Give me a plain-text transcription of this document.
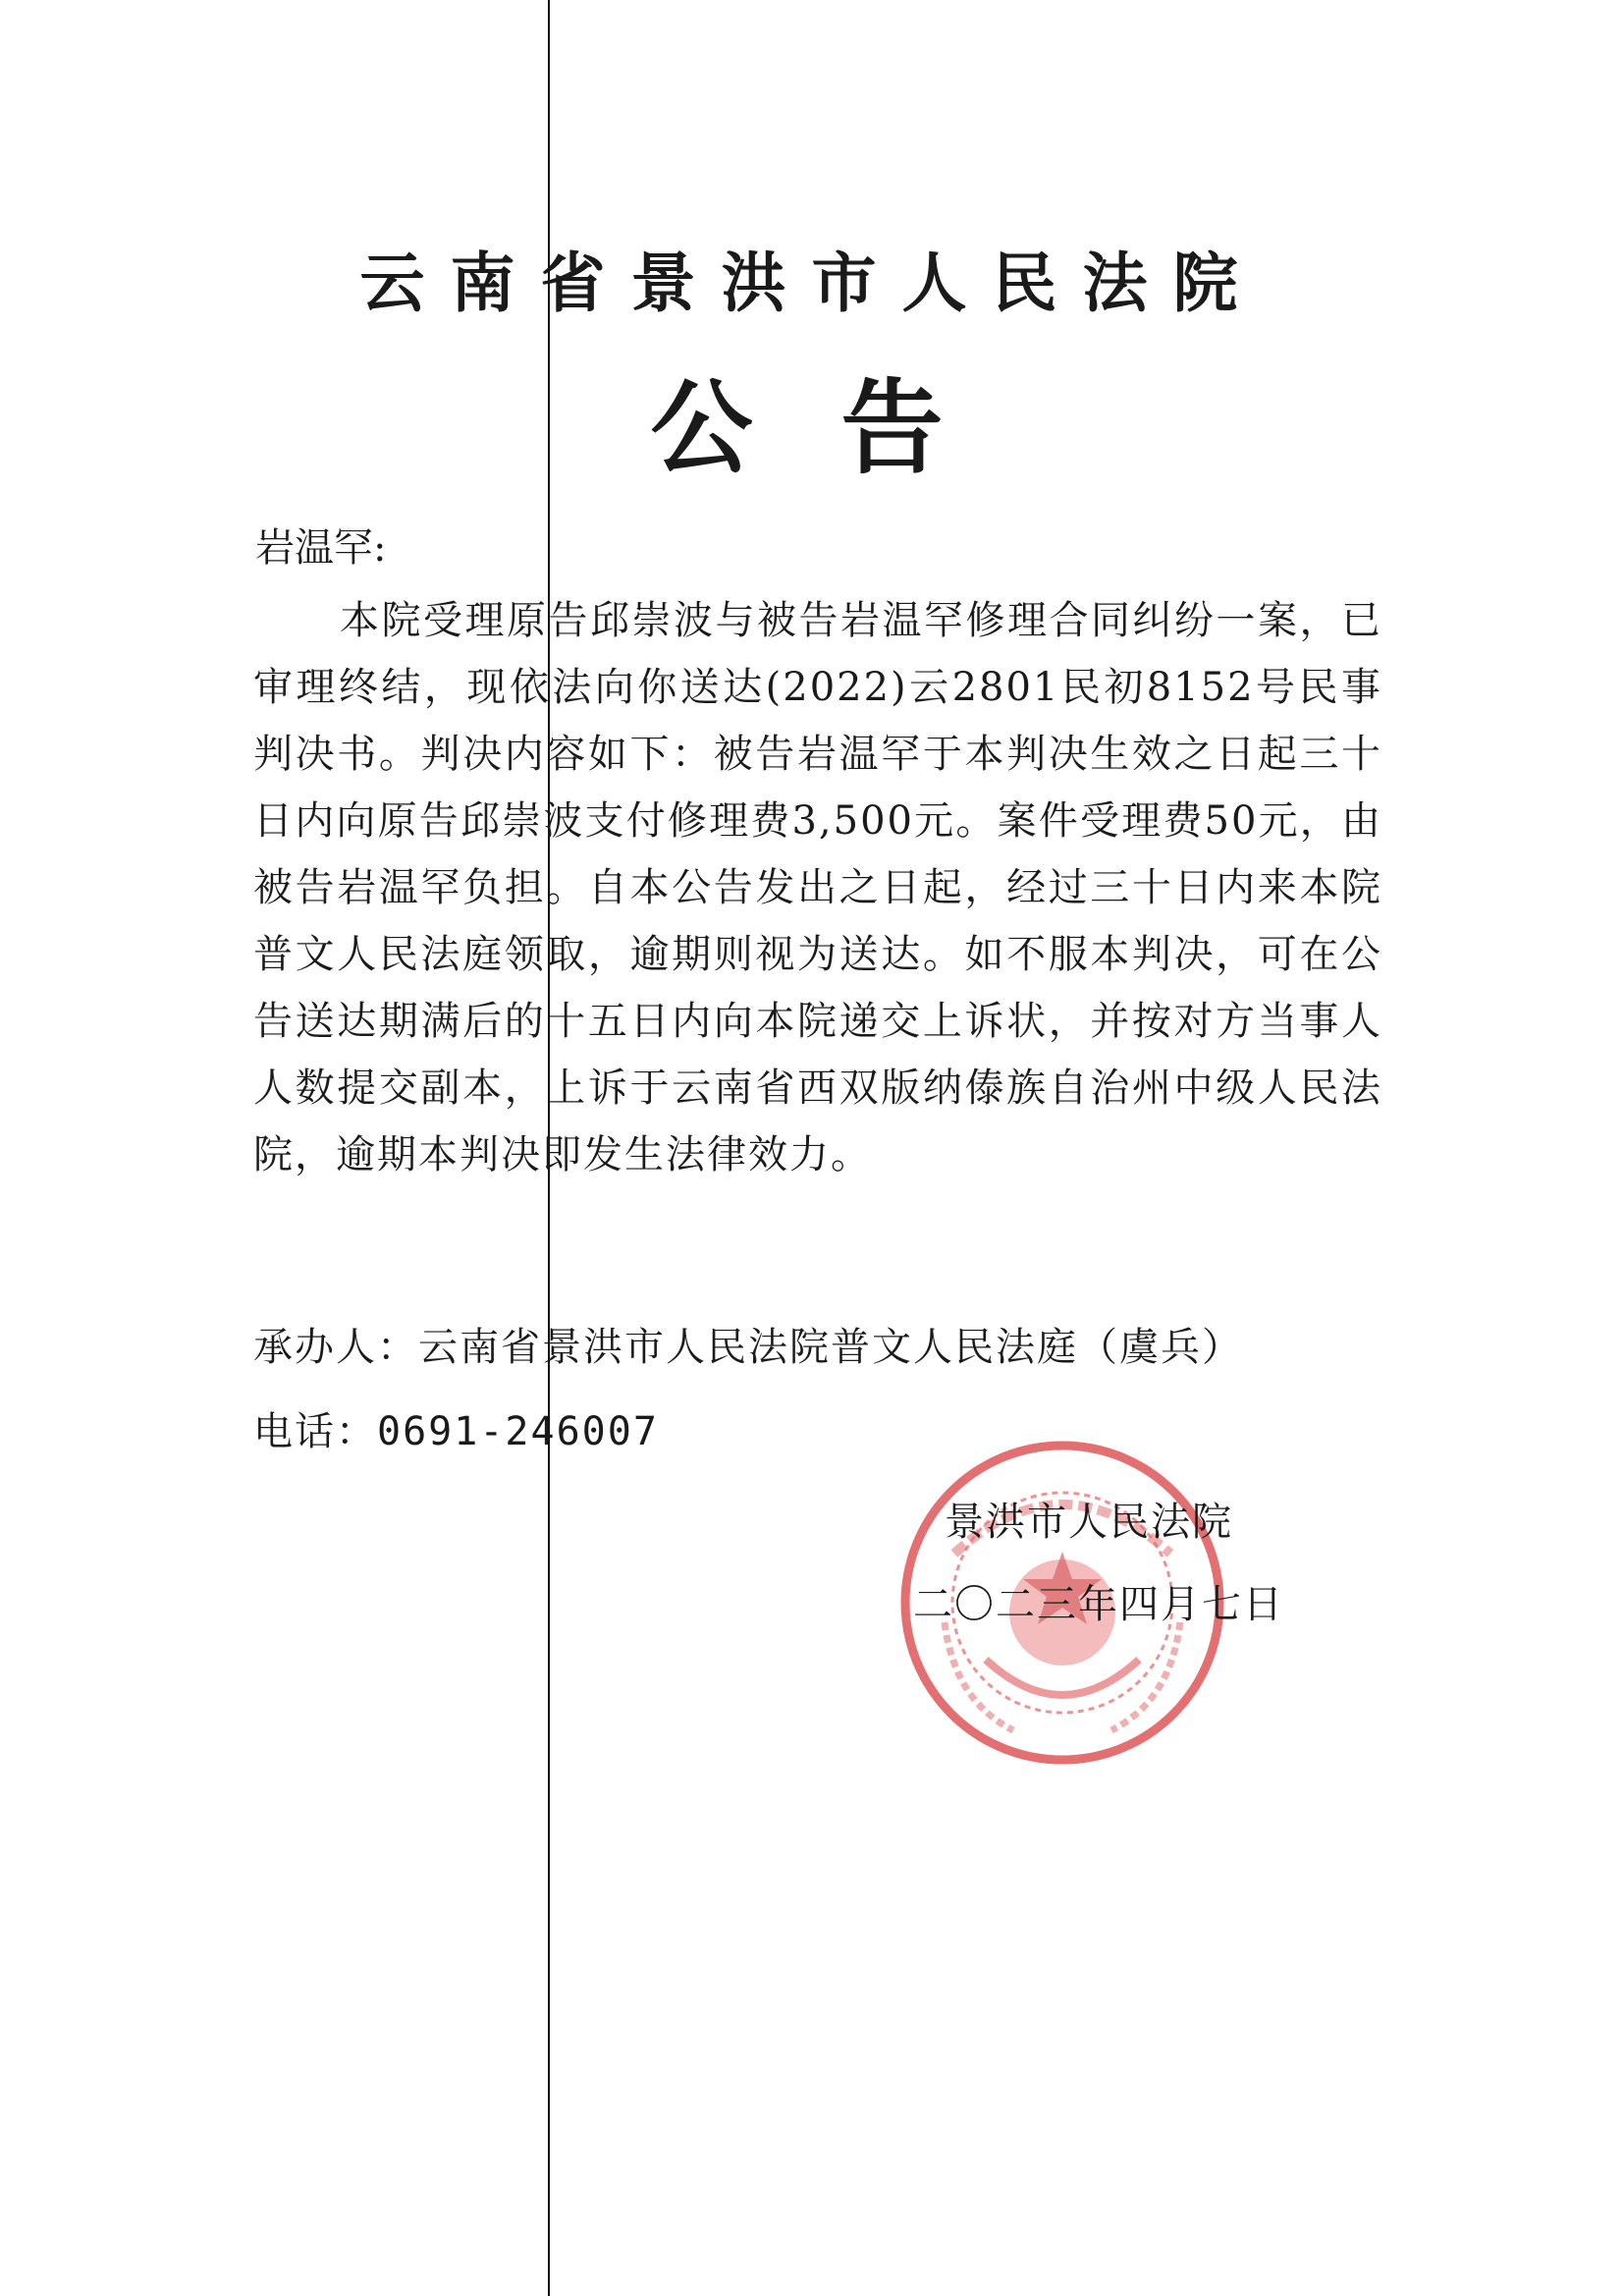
云南省景洪市人民法院
公告
岩温罕:
本院受理原告邱崇波与被告岩温罕修理合同纠纷一案，已审理终结，现依法向你送达(2022)云2801民初8152号民事判决书。判决内容如下：被告岩温罕于本判决生效之日起三十日内向原告邱崇波支付修理费3,500元。案件受理费50元，由被告岩温罕负担。自本公告发出之日起，经过三十日内来本院普文人民法庭领取，逾期则视为送达。如不服本判决，可在公告送达期满后的十五日内向本院递交上诉状，并按对方当事人人数提交副本，上诉于云南省西双版纳傣族自治州中级人民法院，逾期本判决即发生法律效力。
承办人：云南省景洪市人民法院普文人民法庭（虞兵）
电话：0691-246007
景洪市人民法院
二〇二三年四月七日
